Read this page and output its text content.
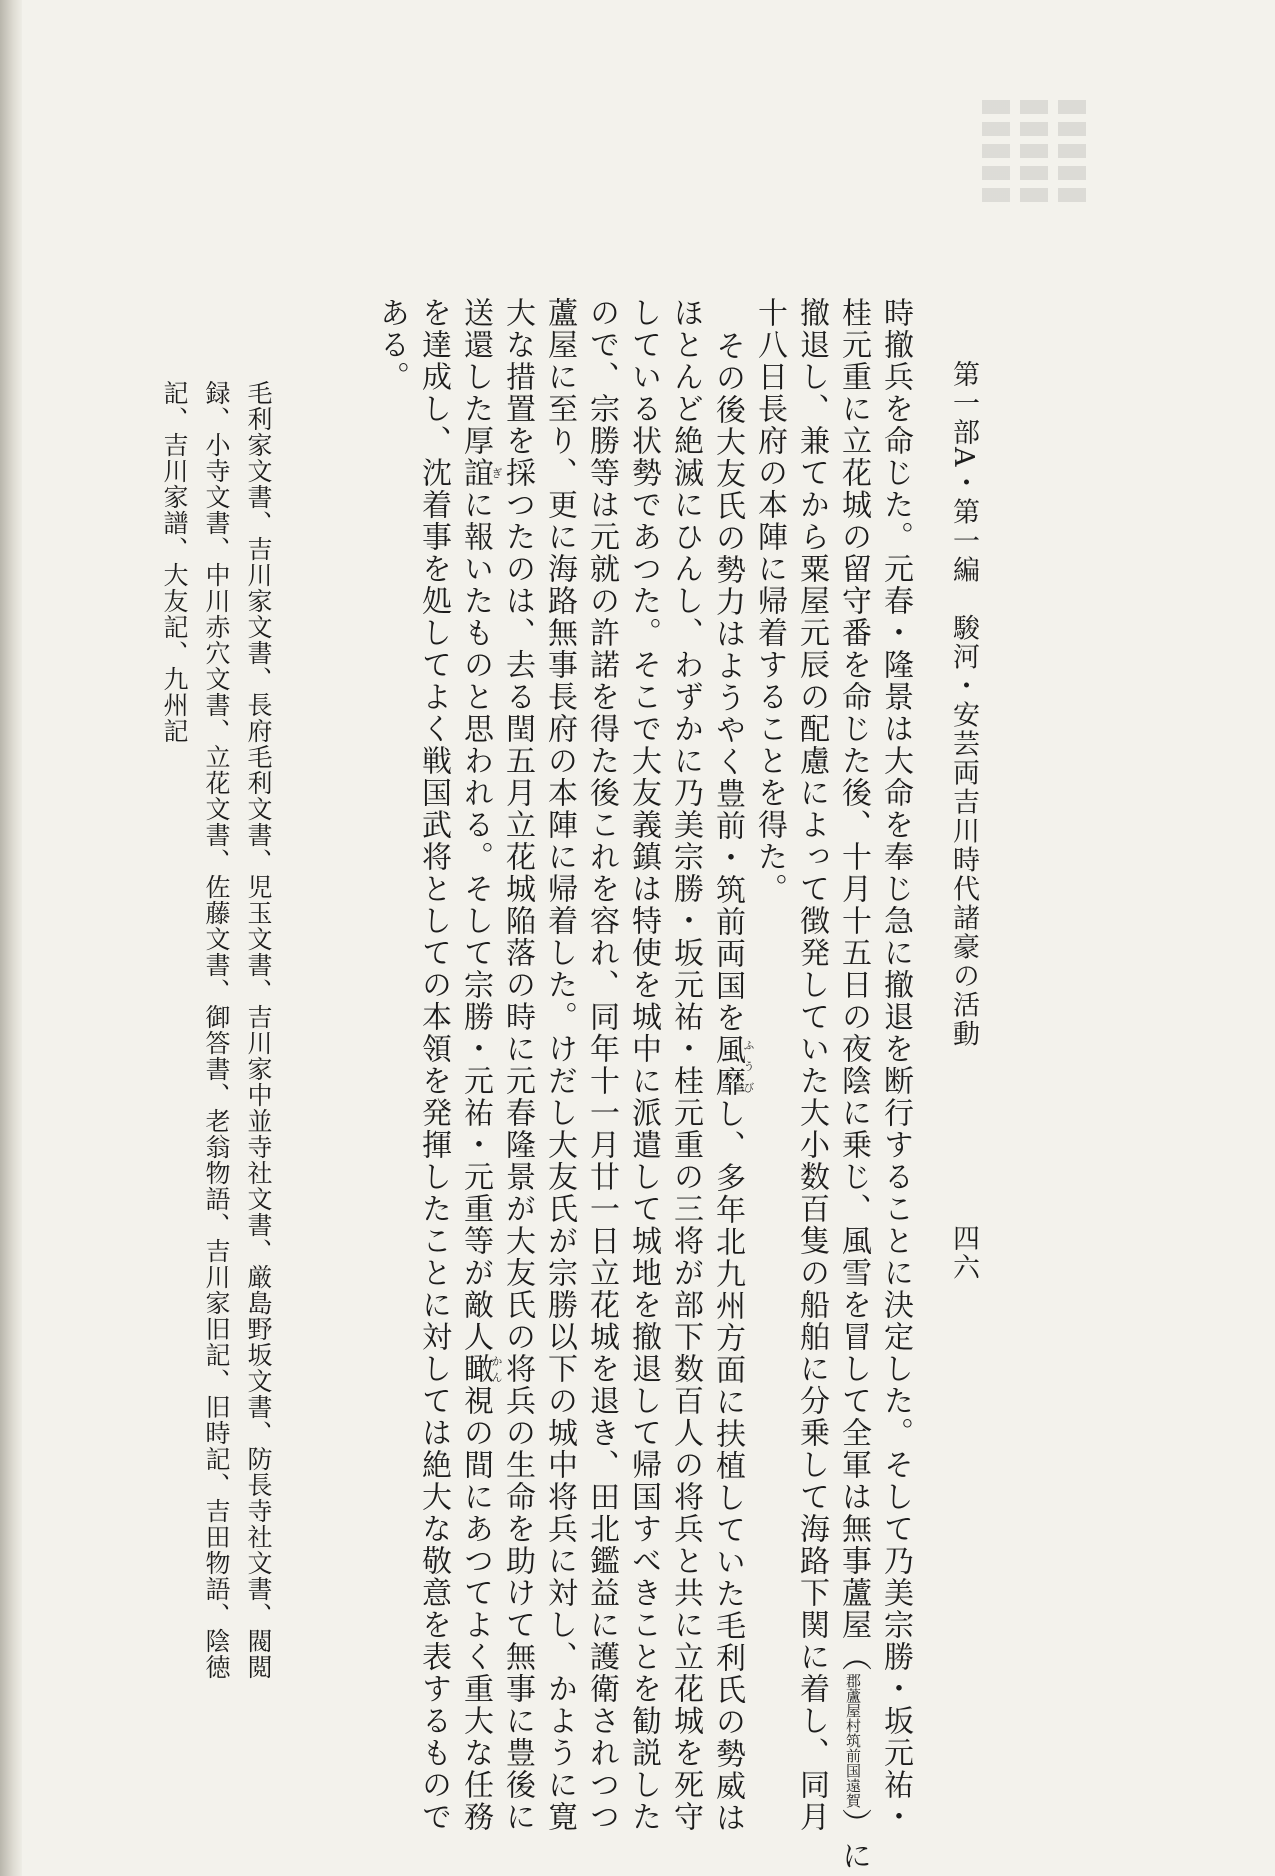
第一部A・第一編　駿河・安芸両吉川時代諸豪の活動
四六
時撤兵を命じた。元春・隆景は大命を奉じ急に撤退を断行することに決定した。そして乃美宗勝・坂元祐・
桂元重に立花城の留守番を命じた後、十月十五日の夜陰に乗じ、風雪を冒して全軍は無事蘆屋（
筑前国遠賀
郡蘆屋村
）に
撤退し、兼てから粟屋元辰の配慮によって徴発していた大小数百隻の船舶に分乗して海路下関に着し、同月
十八日長府の本陣に帰着することを得た。
その後大友氏の勢力はようやく豊前・筑前両国を風靡ふうびし、多年北九州方面に扶植していた毛利氏の勢威は
ほとんど絶滅にひんし、わずかに乃美宗勝・坂元祐・桂元重の三将が部下数百人の将兵と共に立花城を死守
している状勢であつた。そこで大友義鎮は特使を城中に派遣して城地を撤退して帰国すべきことを勧説した
ので、宗勝等は元就の許諾を得た後これを容れ、同年十一月廿一日立花城を退き、田北鑑益に護衛されつつ
蘆屋に至り、更に海路無事長府の本陣に帰着した。けだし大友氏が宗勝以下の城中将兵に対し、かように寛
大な措置を採つたのは、去る閏五月立花城陥落の時に元春隆景が大友氏の将兵の生命を助けて無事に豊後に
送還した厚誼ぎに報いたものと思われる。そして宗勝・元祐・元重等が敵人瞰かん視の間にあつてよく重大な任務
を達成し、沈着事を処してよく戦国武将としての本領を発揮したことに対しては絶大な敬意を表するもので
ある。
毛利家文書、吉川家文書、長府毛利文書、児玉文書、吉川家中並寺社文書、厳島野坂文書、防長寺社文書、閥閲
録、小寺文書、中川赤穴文書、立花文書、佐藤文書、御答書、老翁物語、吉川家旧記、旧時記、吉田物語、陰徳
記、吉川家譜、大友記、九州記
